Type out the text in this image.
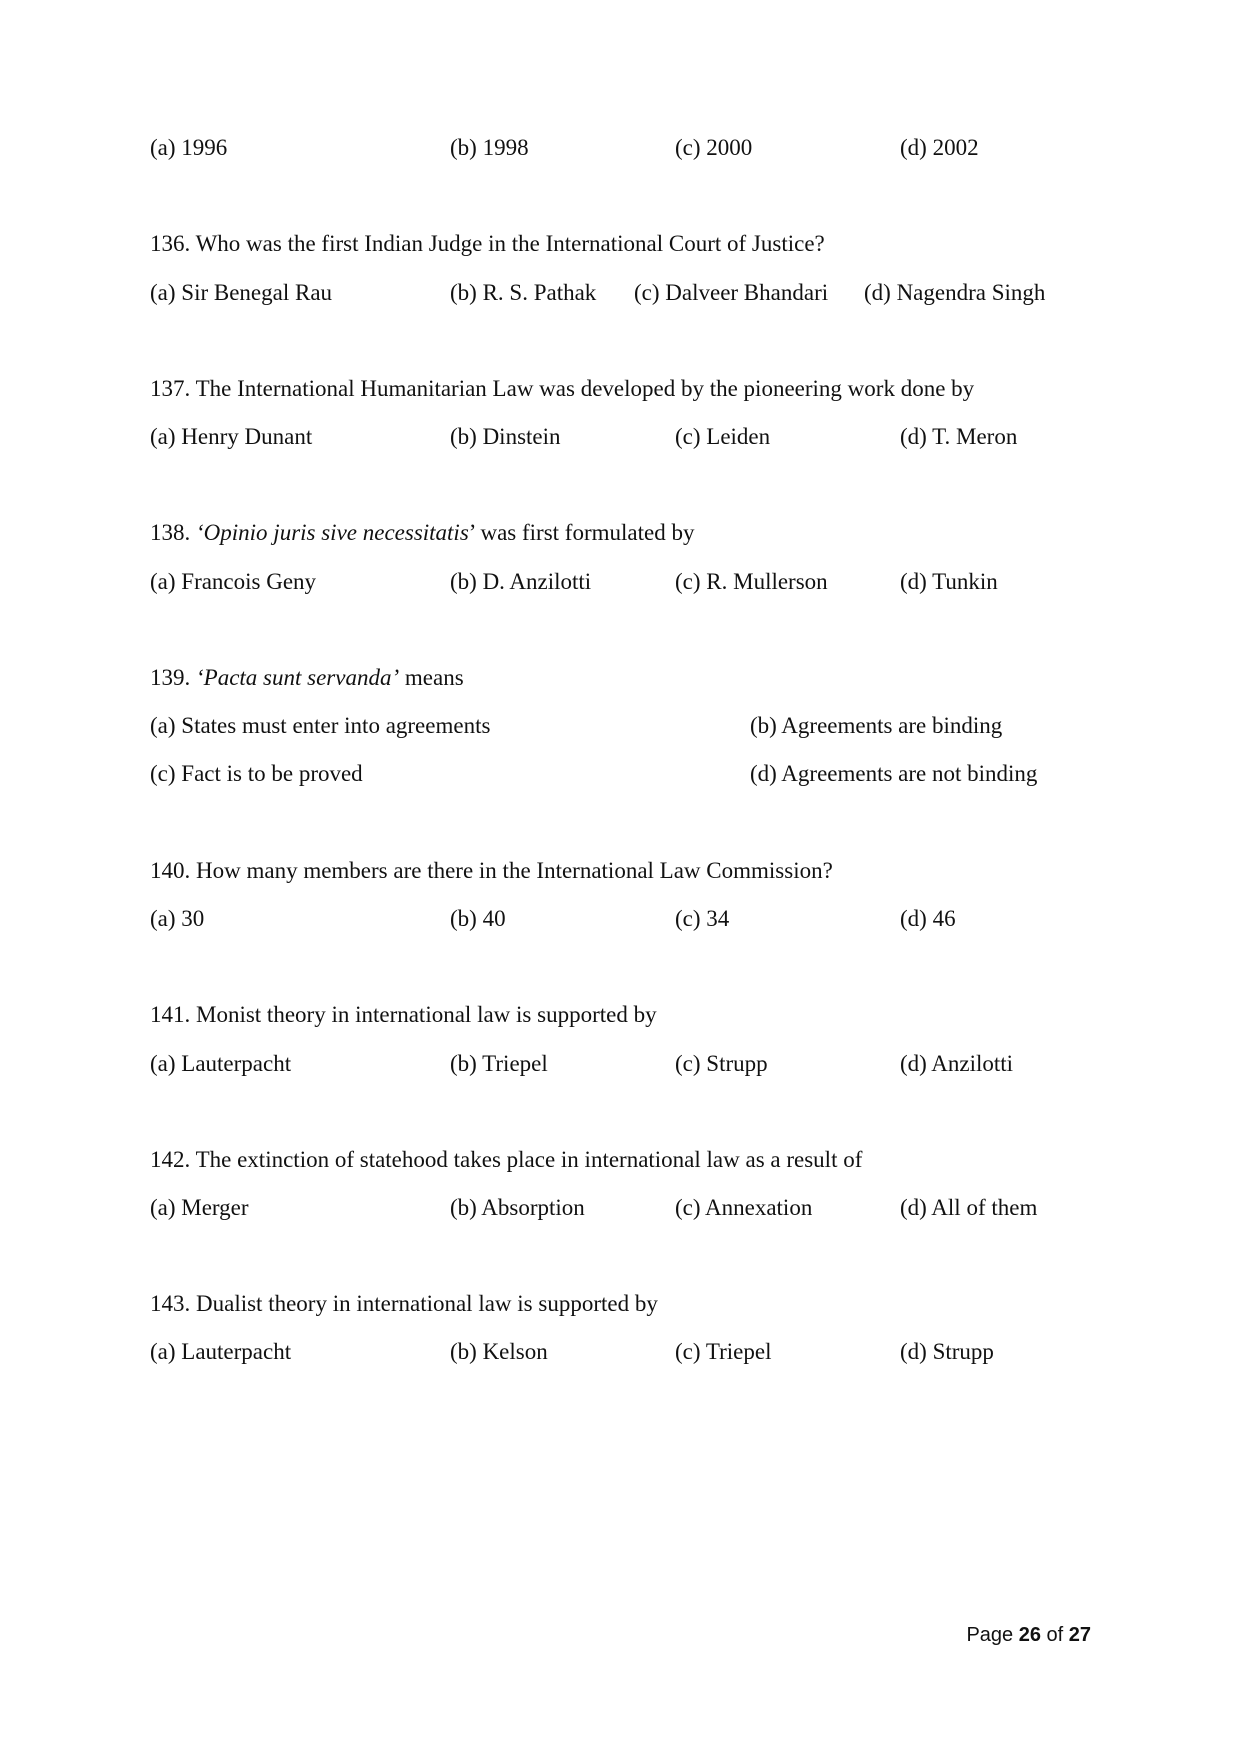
(a) 1996	(b) 1998	(c) 2000	(d) 2002
136. Who was the first Indian Judge in the International Court of Justice?
(a) Sir Benegal Rau	(b) R. S. Pathak (c) Dalveer Bhandari (d) Nagendra Singh
137. The International Humanitarian Law was developed by the pioneering work done by
(a) Henry Dunant	(b) Dinstein	(c) Leiden	(d) T. Meron
138. ‘Opinio juris sive necessitatis’ was first formulated by
(a) Francois Geny	(b) D. Anzilotti	(c) R. Mullerson	(d) Tunkin
139. ‘Pacta sunt servanda’ means
(a) States must enter into agreements	(b) Agreements are binding
(c) Fact is to be proved	(d) Agreements are not binding
140. How many members are there in the International Law Commission?
(a) 30	(b) 40	(c) 34	(d) 46
141. Monist theory in international law is supported by
(a) Lauterpacht	(b) Triepel	(c) Strupp	(d) Anzilotti
142. The extinction of statehood takes place in international law as a result of
(a) Merger	(b) Absorption	(c) Annexation	(d) All of them
143. Dualist theory in international law is supported by
(a) Lauterpacht	(b) Kelson	(c) Triepel	(d) Strupp
Page 26 of 27
